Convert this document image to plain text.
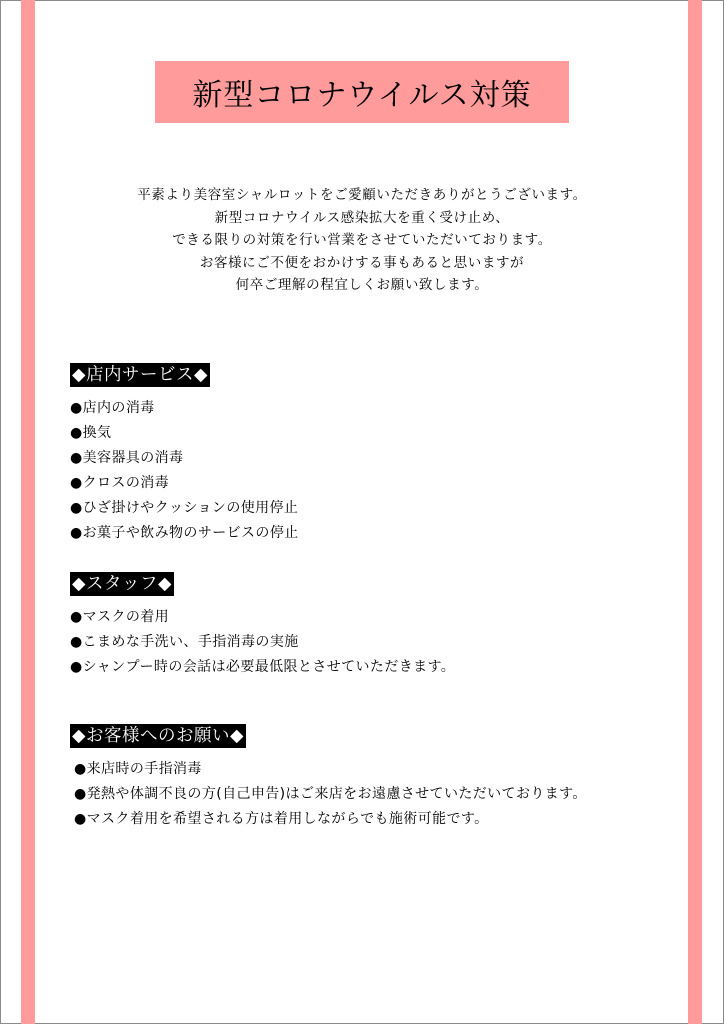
新型コロナウイルス対策
平素より美容室シャルロットをご愛顧いただきありがとうございます。
新型コロナウイルス感染拡大を重く受け止め、
できる限りの対策を行い営業をさせていただいております。
お客様にご不便をおかけする事もあると思いますが
何卒ご理解の程宜しくお願い致します。
◆店内サービス◆
●店内の消毒
●換気
●美容器具の消毒
●クロスの消毒
●ひざ掛けやクッションの使用停止
●お菓子や飲み物のサービスの停止
◆スタッフ◆
●マスクの着用
●こまめな手洗い、手指消毒の実施
●シャンプー時の会話は必要最低限とさせていただきます。
◆お客様へのお願い◆
●来店時の手指消毒
●発熱や体調不良の方(自己申告)はご来店をお遠慮させていただいております。
●マスク着用を希望される方は着用しながらでも施術可能です。
